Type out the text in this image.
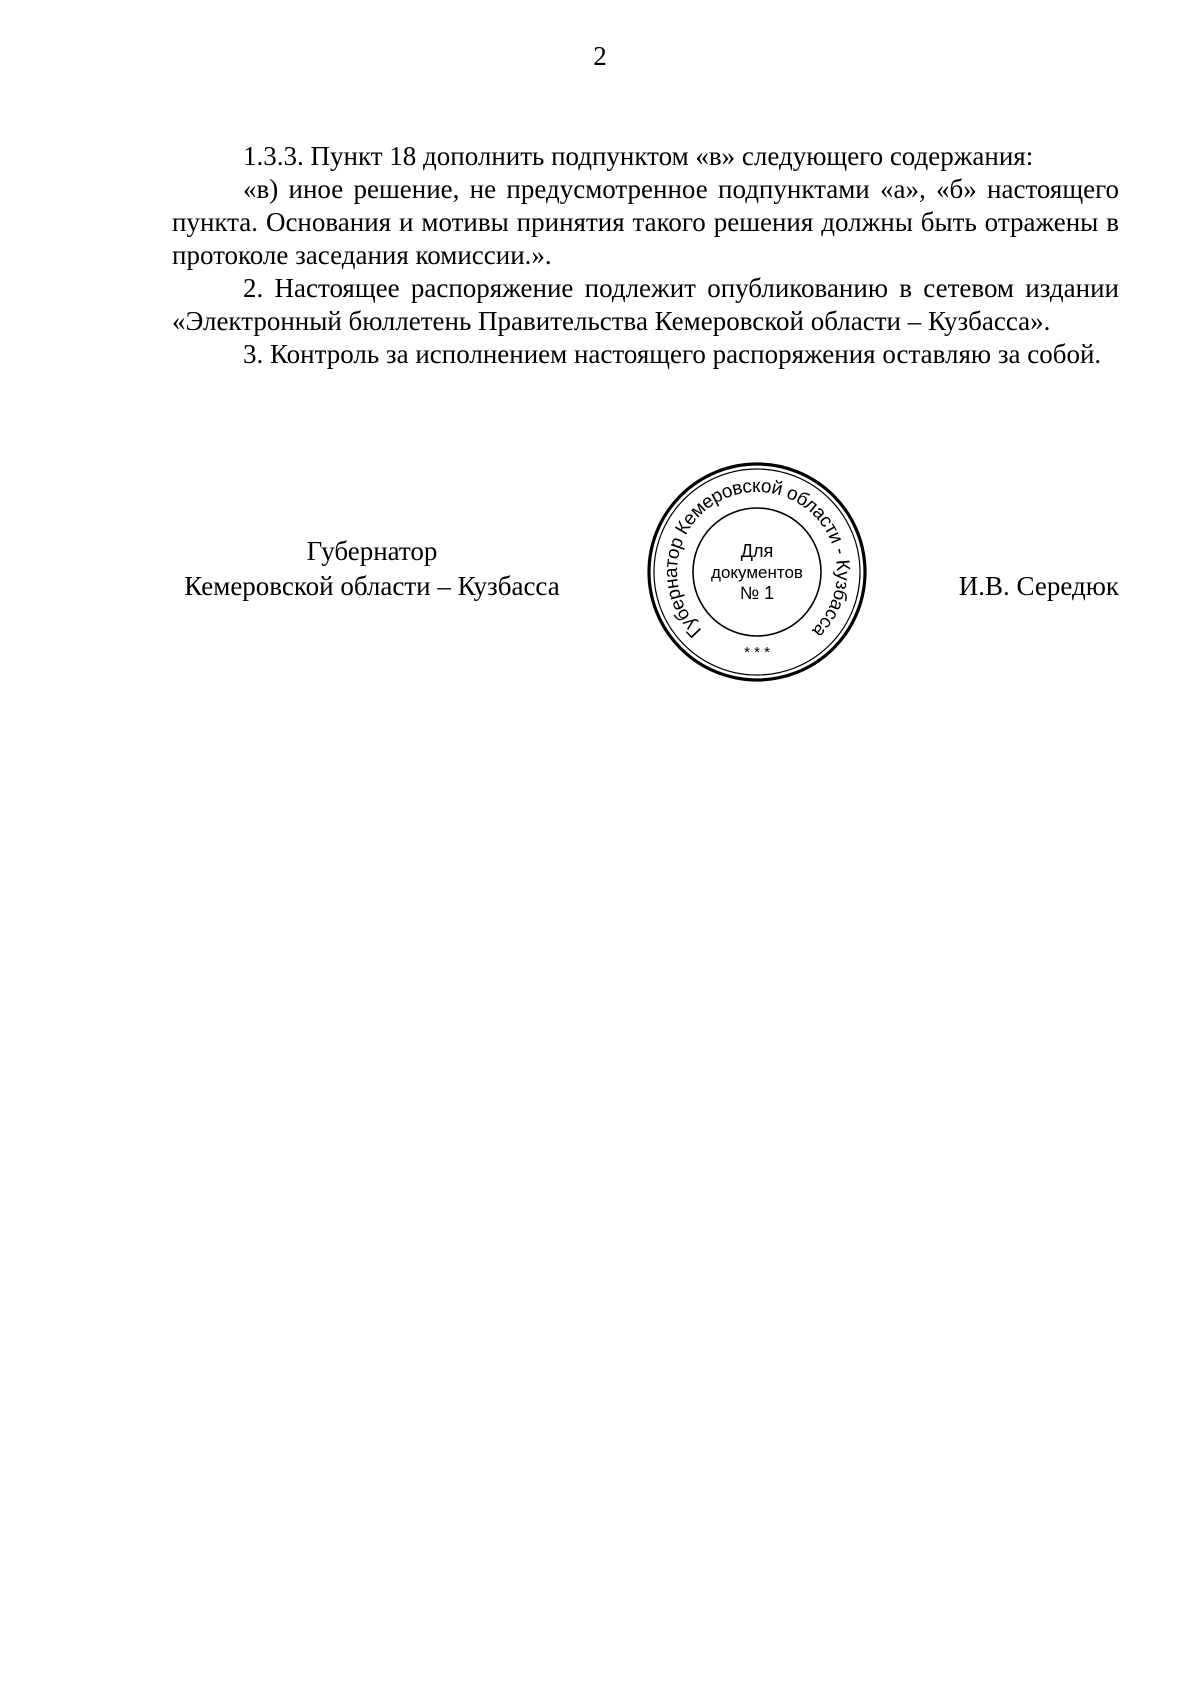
2

1.3.3. Пункт 18 дополнить подпунктом «в» следующего содержания:

«в) иное решение, не предусмотренное подпунктами «а», «б» настоящего пункта. Основания и мотивы принятия такого решения должны быть отражены в протоколе заседания комиссии.».

2. Настоящее распоряжение подлежит опубликованию в сетевом издании «Электронный бюллетень Правительства Кемеровской области – Кузбасса».

3. Контроль за исполнением настоящего распоряжения оставляю за собой.

Губернатор
Кемеровской области – Кузбасса
Губернатор Кемеровской области - Кузбасса
Для
документов
№ 1
* * *
И.В. Середюк
